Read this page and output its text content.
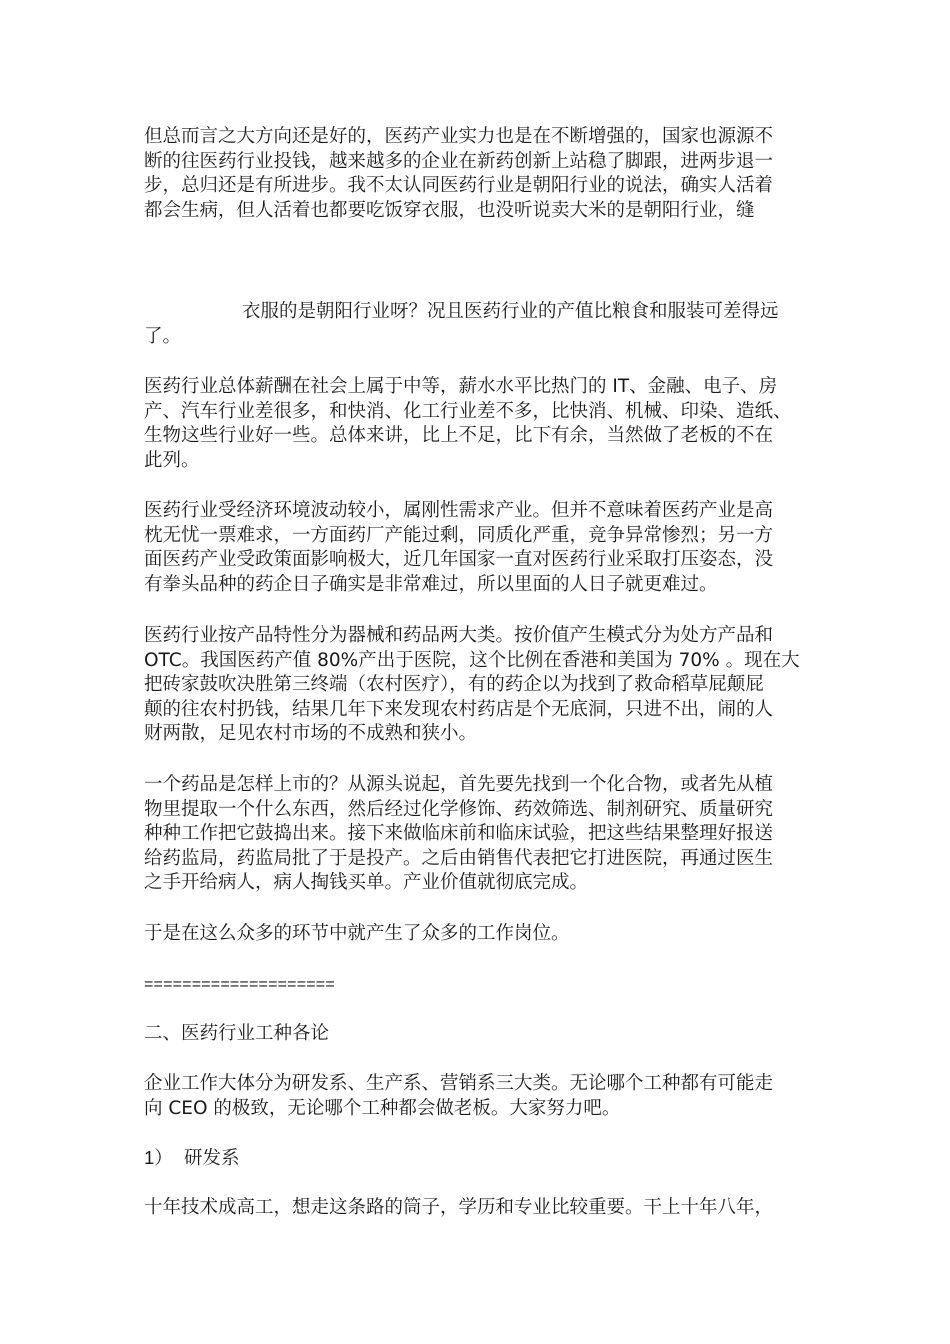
但总而言之大方向还是好的，医药产业实力也是在不断增强的，国家也源源不
断的往医药行业投钱，越来越多的企业在新药创新上站稳了脚跟，进两步退一
步，总归还是有所进步。我不太认同医药行业是朝阳行业的说法，确实人活着
都会生病，但人活着也都要吃饭穿衣服，也没听说卖大米的是朝阳行业，缝
衣服的是朝阳行业呀？况且医药行业的产值比粮食和服装可差得远
了。
医药行业总体薪酬在社会上属于中等，薪水水平比热门的 IT、金融、电子、房
产、汽车行业差很多，和快消、化工行业差不多，比快消、机械、印染、造纸、
生物这些行业好一些。总体来讲，比上不足，比下有余，当然做了老板的不在
此列。
医药行业受经济环境波动较小，属刚性需求产业。但并不意味着医药产业是高
枕无忧一票难求，一方面药厂产能过剩，同质化严重，竞争异常惨烈；另一方
面医药产业受政策面影响极大，近几年国家一直对医药行业采取打压姿态，没
有拳头品种的药企日子确实是非常难过，所以里面的人日子就更难过。
医药行业按产品特性分为器械和药品两大类。按价值产生模式分为处方产品和
OTC。我国医药产值 80%产出于医院，这个比例在香港和美国为 70% 。现在大
把砖家鼓吹决胜第三终端（农村医疗），有的药企以为找到了救命稻草屁颠屁
颠的往农村扔钱，结果几年下来发现农村药店是个无底洞，只进不出，闹的人
财两散，足见农村市场的不成熟和狭小。
一个药品是怎样上市的？从源头说起，首先要先找到一个化合物，或者先从植
物里提取一个什么东西，然后经过化学修饰、药效筛选、制剂研究、质量研究
种种工作把它鼓捣出来。接下来做临床前和临床试验，把这些结果整理好报送
给药监局，药监局批了于是投产。之后由销售代表把它打进医院，再通过医生
之手开给病人，病人掏钱买单。产业价值就彻底完成。
于是在这么众多的环节中就产生了众多的工作岗位。
====================
二、医药行业工种各论
企业工作大体分为研发系、生产系、营销系三大类。无论哪个工种都有可能走
向 CEO 的极致，无论哪个工种都会做老板。大家努力吧。
1） 研发系
十年技术成高工，想走这条路的筒子，学历和专业比较重要。干上十年八年，
